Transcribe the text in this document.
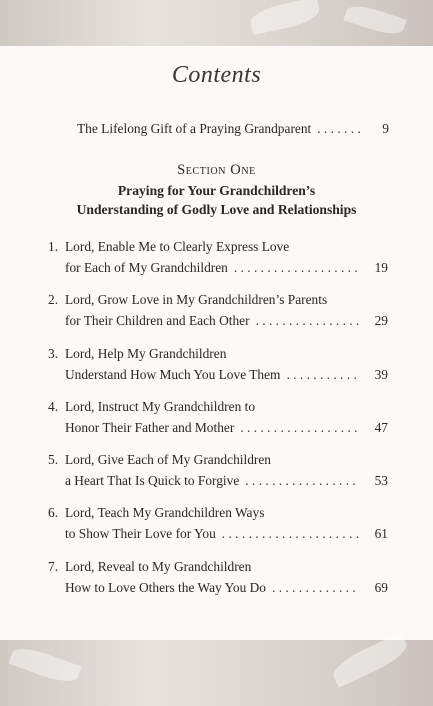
Contents
The Lifelong Gift of a Praying Grandparent . . .	9
Section One
Praying for Your Grandchildren’s
Understanding of Godly Love and Relationships
1. Lord, Enable Me to Clearly Express Love
for Each of My Grandchildren . . .	19
2. Lord, Grow Love in My Grandchildren’s Parents
for Their Children and Each Other . . .	29
3. Lord, Help My Grandchildren
Understand How Much You Love Them . . .	39
4. Lord, Instruct My Grandchildren to
Honor Their Father and Mother . . .	47
5. Lord, Give Each of My Grandchildren
a Heart That Is Quick to Forgive . . .	53
6. Lord, Teach My Grandchildren Ways
to Show Their Love for You . . .	61
7. Lord, Reveal to My Grandchildren
How to Love Others the Way You Do . . .	69
